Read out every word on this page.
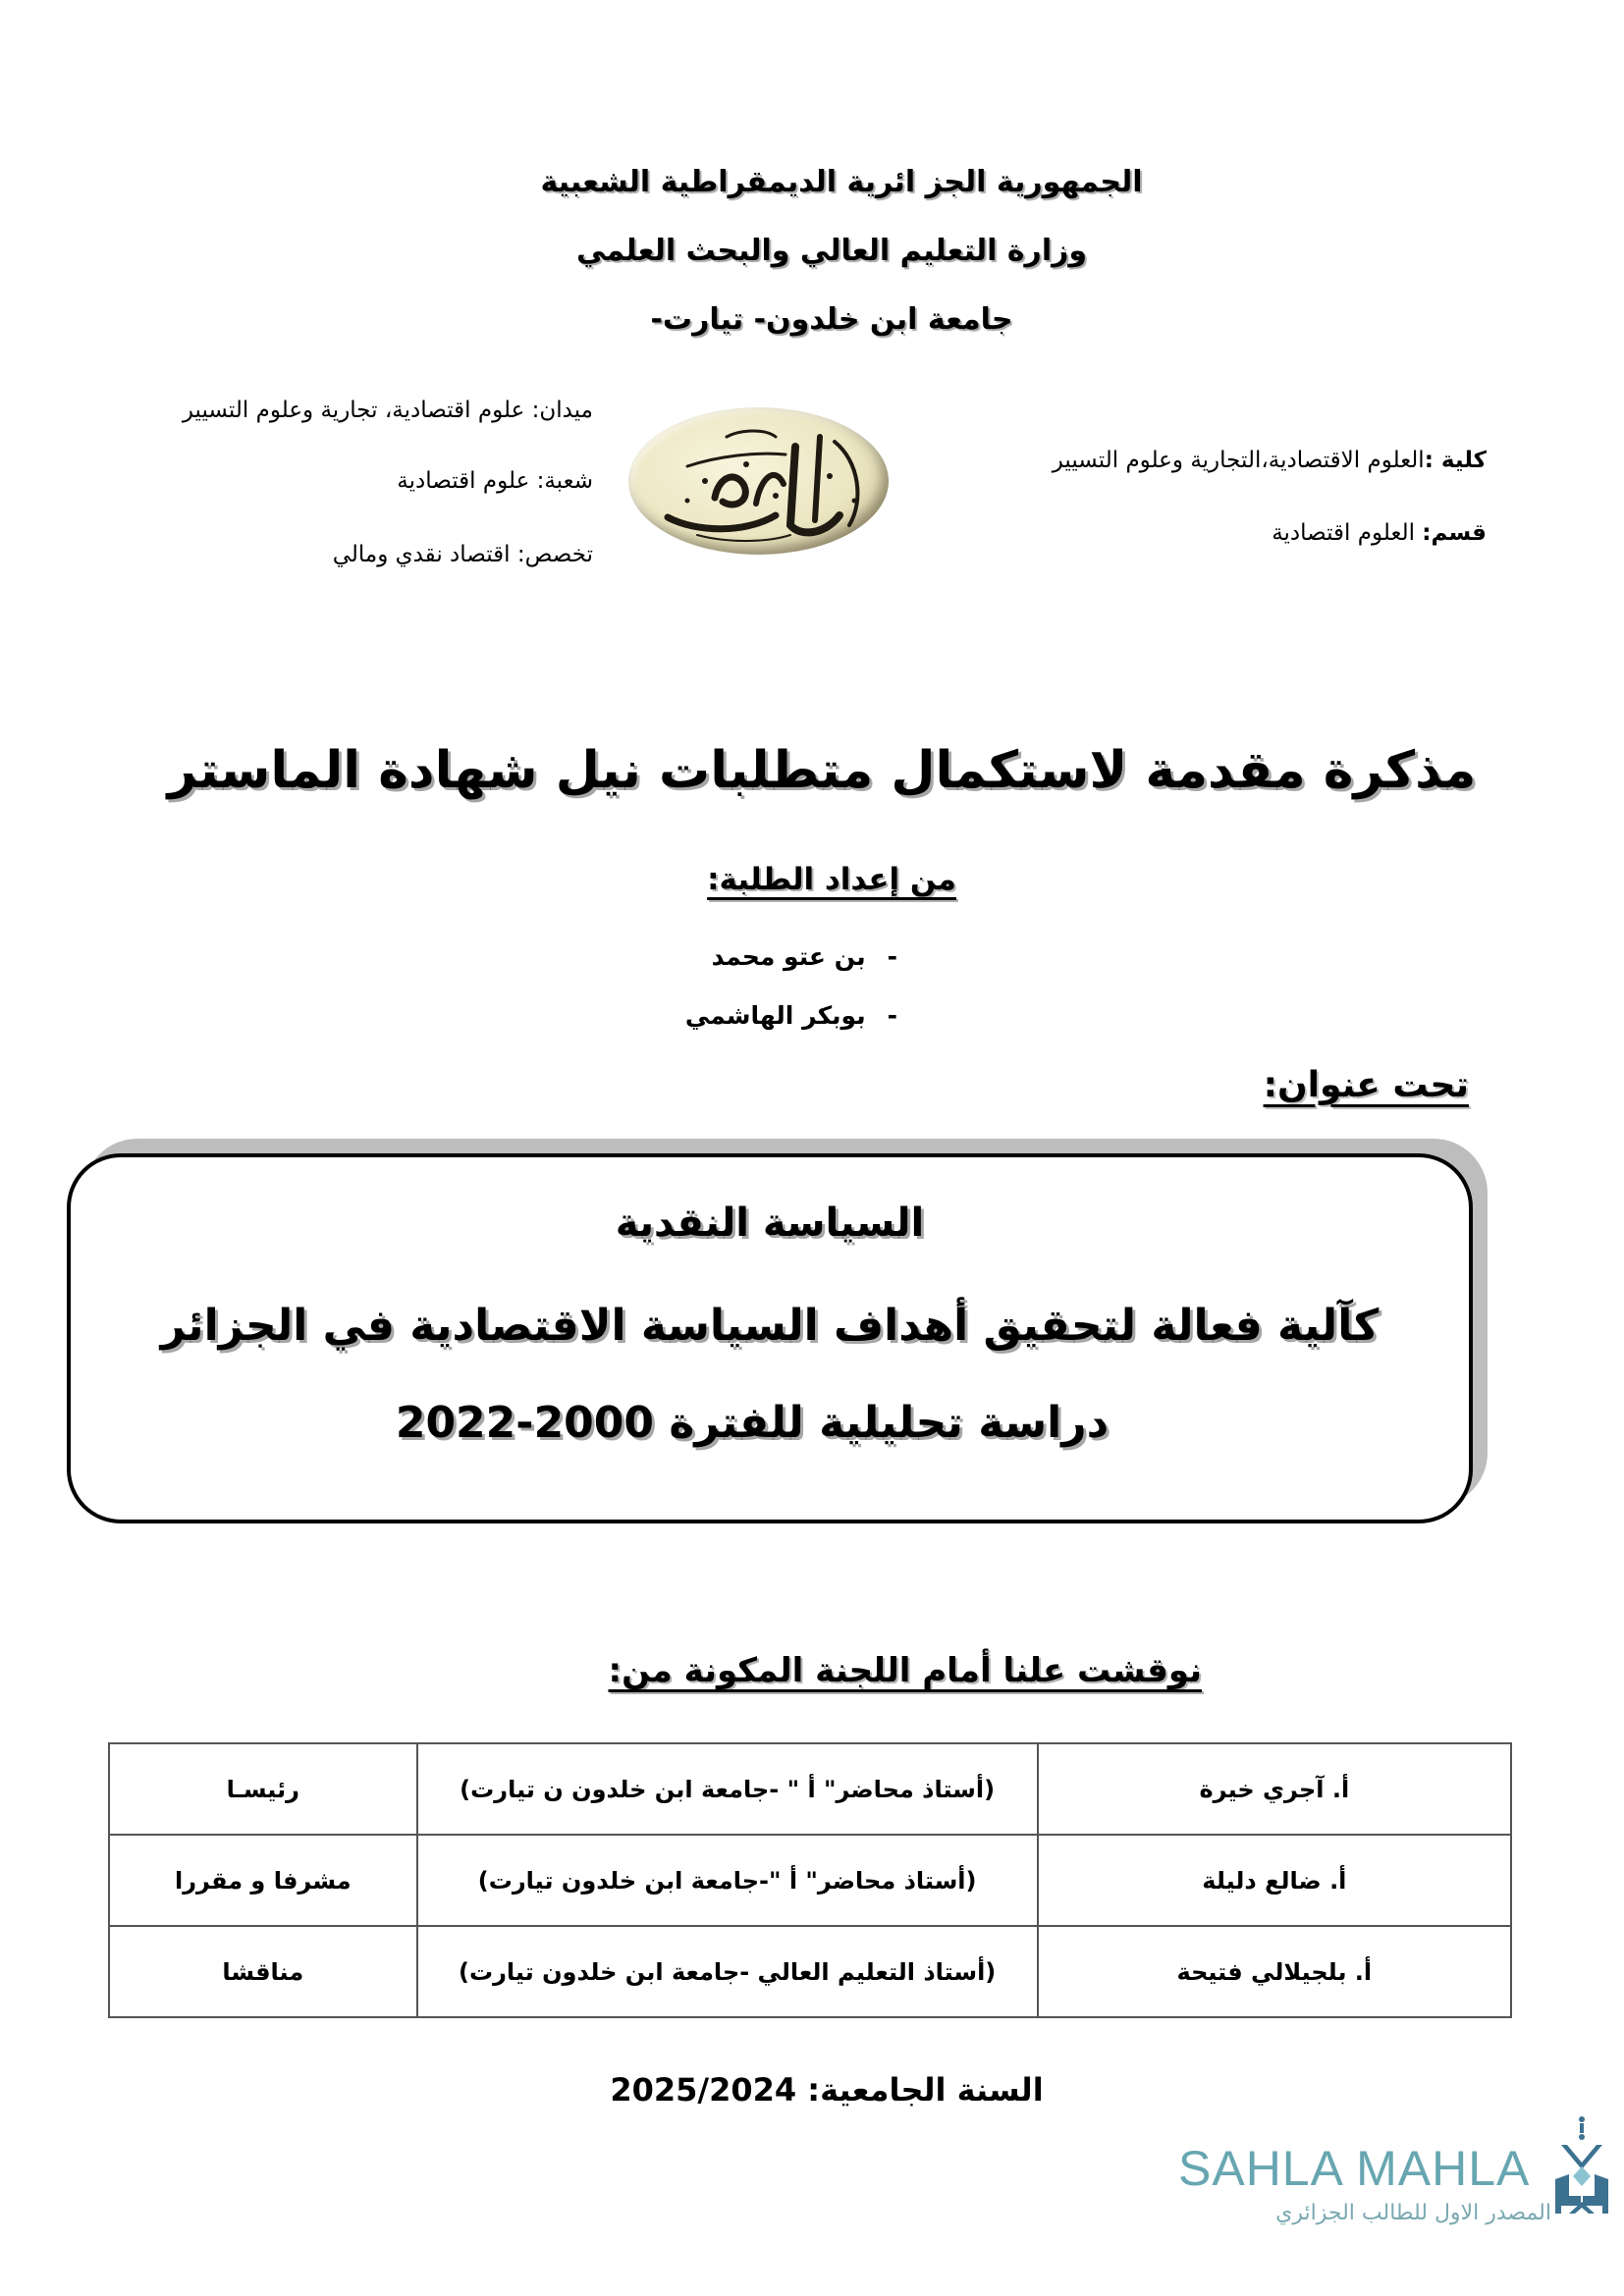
الجمهورية الجز ائرية الديمقراطية الشعبية
وزارة التعليم العالي والبحث العلمي
جامعة ابن خلدون- تيارت-
ميدان: علوم اقتصادية، تجارية وعلوم التسيير
شعبة: علوم اقتصادية
تخصص: اقتصاد نقدي ومالي
كلية :العلوم الاقتصادية،التجارية وعلوم التسيير
قسم: العلوم اقتصادية
مذكرة مقدمة لاستكمال متطلبات نيل شهادة الماستر
من إعداد الطلبة:
-بن عتو محمد
-بوبكر الهاشمي
تحت عنوان:
السياسة النقدية
كآلية فعالة لتحقيق أهداف السياسة الاقتصادية في الجزائر
دراسة تحليلية للفترة 2000-2022
نوقشت علنا أمام اللجنة المكونة من:
أ. آجري خيرة	(أستاذ محاضر" أ " -جامعة ابن خلدون ن تيارت)	رئيسـا
أ. ضالع دليلة	(أستاذ محاضر" أ "-جامعة ابن خلدون تيارت)	مشرفا و مقررا
أ. بلجيلالي فتيحة	(أستاذ التعليم العالي -جامعة ابن خلدون تيارت)	مناقشا
السنة الجامعية: 2025/2024
SAHLA MAHLA
المصدر الاول للطالب الجزائري
